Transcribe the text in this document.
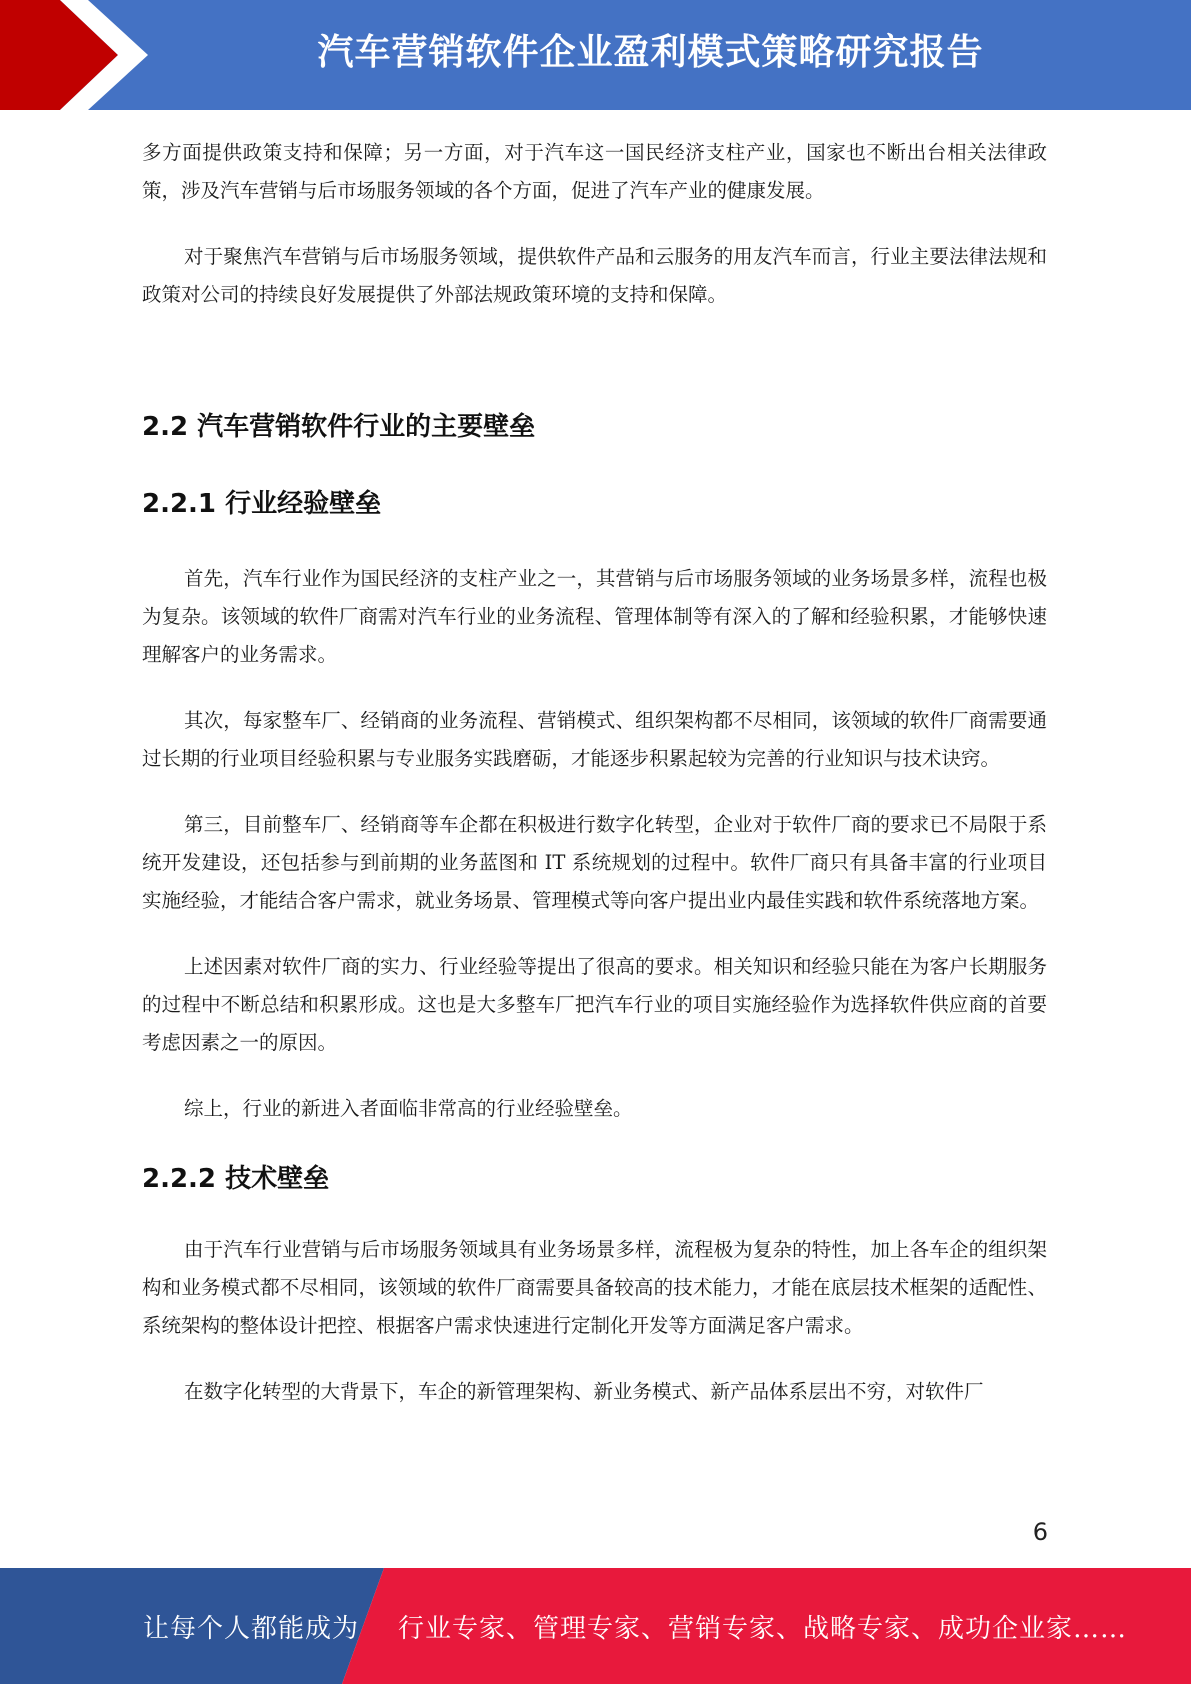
汽车营销软件企业盈利模式策略研究报告

多方面提供政策支持和保障；另一方面，对于汽车这一国民经济支柱产业，国家也不断出台相关法律政策，涉及汽车营销与后市场服务领域的各个方面，促进了汽车产业的健康发展。

对于聚焦汽车营销与后市场服务领域，提供软件产品和云服务的用友汽车而言，行业主要法律法规和政策对公司的持续良好发展提供了外部法规政策环境的支持和保障。

2.2 汽车营销软件行业的主要壁垒
2.2.1 行业经验壁垒

首先，汽车行业作为国民经济的支柱产业之一，其营销与后市场服务领域的业务场景多样，流程也极为复杂。该领域的软件厂商需对汽车行业的业务流程、管理体制等有深入的了解和经验积累，才能够快速理解客户的业务需求。

其次，每家整车厂、经销商的业务流程、营销模式、组织架构都不尽相同，该领域的软件厂商需要通过长期的行业项目经验积累与专业服务实践磨砺，才能逐步积累起较为完善的行业知识与技术诀窍。

第三，目前整车厂、经销商等车企都在积极进行数字化转型，企业对于软件厂商的要求已不局限于系统开发建设，还包括参与到前期的业务蓝图和 IT 系统规划的过程中。软件厂商只有具备丰富的行业项目实施经验，才能结合客户需求，就业务场景、管理模式等向客户提出业内最佳实践和软件系统落地方案。

上述因素对软件厂商的实力、行业经验等提出了很高的要求。相关知识和经验只能在为客户长期服务的过程中不断总结和积累形成。这也是大多整车厂把汽车行业的项目实施经验作为选择软件供应商的首要考虑因素之一的原因。

综上，行业的新进入者面临非常高的行业经验壁垒。

2.2.2 技术壁垒

由于汽车行业营销与后市场服务领域具有业务场景多样，流程极为复杂的特性，加上各车企的组织架构和业务模式都不尽相同，该领域的软件厂商需要具备较高的技术能力，才能在底层技术框架的适配性、系统架构的整体设计把控、根据客户需求快速进行定制化开发等方面满足客户需求。

在数字化转型的大背景下，车企的新管理架构、新业务模式、新产品体系层出不穷，对软件厂

6
让每个人都能成为 行业专家、管理专家、营销专家、战略专家、成功企业家……
